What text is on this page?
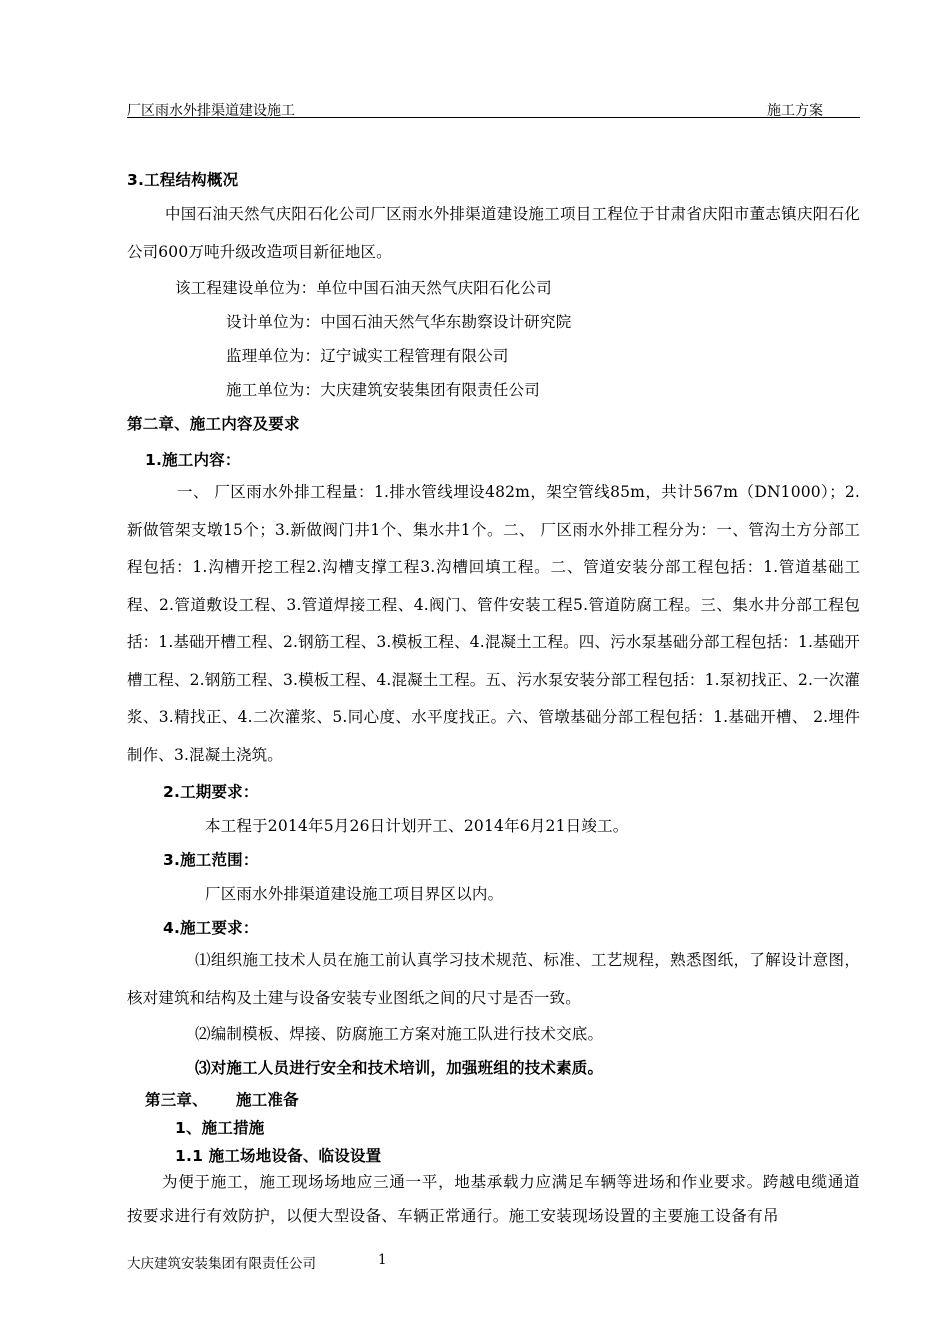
厂区雨水外排渠道建设施工	施工方案
3.工程结构概况
中国石油天然气庆阳石化公司厂区雨水外排渠道建设施工项目工程位于甘肃省庆阳市董志镇庆阳石化公司600万吨升级改造项目新征地区。
该工程建设单位为：单位中国石油天然气庆阳石化公司
设计单位为：中国石油天然气华东勘察设计研究院
监理单位为：辽宁诚实工程管理有限公司
施工单位为：大庆建筑安装集团有限责任公司
第二章、施工内容及要求
1.施工内容：
一、 厂区雨水外排工程量：1.排水管线埋设482m，架空管线85m，共计567m（DN1000）；2.新做管架支墩15个；3.新做阀门井1个、集水井1个。二、 厂区雨水外排工程分为：一、管沟土方分部工程包括：1.沟槽开挖工程2.沟槽支撑工程3.沟槽回填工程。二、管道安装分部工程包括：1.管道基础工程、2.管道敷设工程、3.管道焊接工程、4.阀门、管件安装工程5.管道防腐工程。三、集水井分部工程包括：1.基础开槽工程、2.钢筋工程、3.模板工程、4.混凝土工程。四、污水泵基础分部工程包括：1.基础开槽工程、2.钢筋工程、3.模板工程、4.混凝土工程。五、污水泵安装分部工程包括：1.泵初找正、2.一次灌浆、3.精找正、4.二次灌浆、5.同心度、水平度找正。六、管墩基础分部工程包括：1.基础开槽、 2.埋件制作、3.混凝土浇筑。
2.工期要求：
本工程于2014年5月26日计划开工、2014年6月21日竣工。
3.施工范围：
厂区雨水外排渠道建设施工项目界区以内。
4.施工要求：
⑴组织施工技术人员在施工前认真学习技术规范、标准、工艺规程，熟悉图纸，了解设计意图，核对建筑和结构及土建与设备安装专业图纸之间的尺寸是否一致。
⑵编制模板、焊接、防腐施工方案对施工队进行技术交底。
⑶对施工人员进行安全和技术培训，加强班组的技术素质。
第三章、 施工准备
1、施工措施
1.1 施工场地设备、临设设置
为便于施工，施工现场场地应三通一平，地基承载力应满足车辆等进场和作业要求。跨越电缆通道按要求进行有效防护，以便大型设备、车辆正常通行。施工安装现场设置的主要施工设备有吊
大庆建筑安装集团有限责任公司	1
